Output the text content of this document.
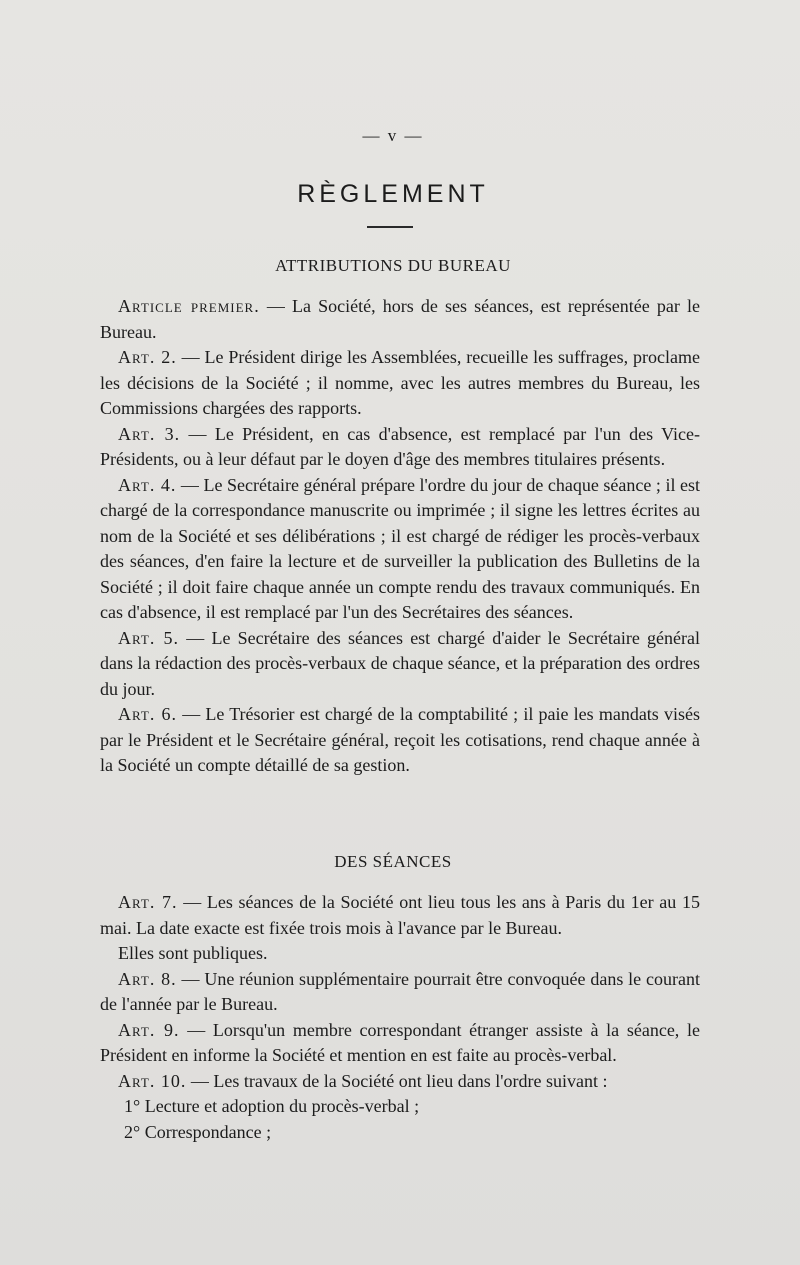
— v —
RÈGLEMENT
ATTRIBUTIONS DU BUREAU

Article premier. — La Société, hors de ses séances, est représentée par le Bureau.

Art. 2. — Le Président dirige les Assemblées, recueille les suffrages, proclame les décisions de la Société ; il nomme, avec les autres membres du Bureau, les Commissions chargées des rapports.

Art. 3. — Le Président, en cas d'absence, est remplacé par l'un des Vice-Présidents, ou à leur défaut par le doyen d'âge des membres titulaires présents.

Art. 4. — Le Secrétaire général prépare l'ordre du jour de chaque séance ; il est chargé de la correspondance manuscrite ou imprimée ; il signe les lettres écrites au nom de la Société et ses délibérations ; il est chargé de rédiger les procès-verbaux des séances, d'en faire la lecture et de surveiller la publication des Bulletins de la Société ; il doit faire chaque année un compte rendu des travaux communiqués. En cas d'absence, il est remplacé par l'un des Secrétaires des séances.

Art. 5. — Le Secrétaire des séances est chargé d'aider le Secrétaire général dans la rédaction des procès-verbaux de chaque séance, et la préparation des ordres du jour.

Art. 6. — Le Trésorier est chargé de la comptabilité ; il paie les mandats visés par le Président et le Secrétaire général, reçoit les cotisations, rend chaque année à la Société un compte détaillé de sa gestion.

DES SÉANCES

Art. 7. — Les séances de la Société ont lieu tous les ans à Paris du 1er au 15 mai. La date exacte est fixée trois mois à l'avance par le Bureau.

Elles sont publiques.

Art. 8. — Une réunion supplémentaire pourrait être convoquée dans le courant de l'année par le Bureau.

Art. 9. — Lorsqu'un membre correspondant étranger assiste à la séance, le Président en informe la Société et mention en est faite au procès-verbal.

Art. 10. — Les travaux de la Société ont lieu dans l'ordre suivant :

1° Lecture et adoption du procès-verbal ;

2° Correspondance ;
